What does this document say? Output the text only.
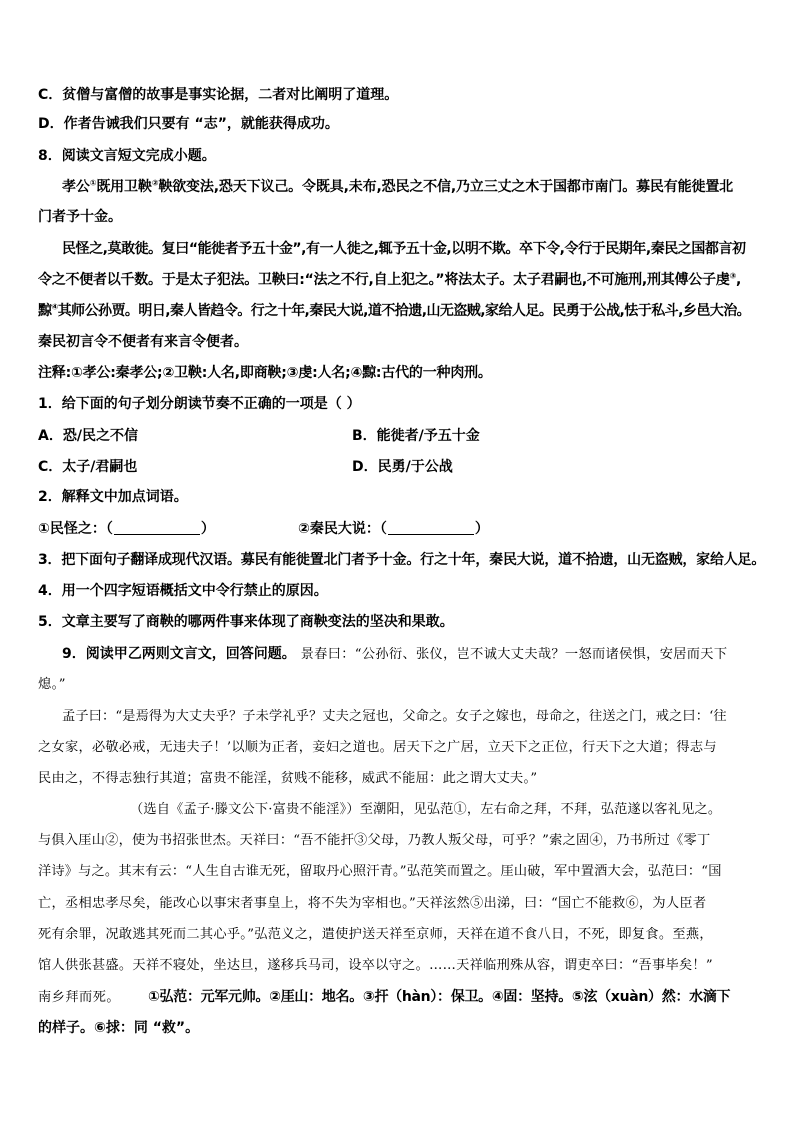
C．贫僧与富僧的故事是事实论据，二者对比阐明了道理。
D．作者告诫我们只要有 “志”，就能获得成功。
8．阅读文言短文完成小题。
孝公①既用卫鞅②鞅欲变法,恐天下议己。令既具,未布,恐民之不信,乃立三丈之木于国都市南门。募民有能徙置北
门者予十金。
民怪之,莫敢徙。复曰“能徙者予五十金”,有一人徙之,辄予五十金,以明不欺。卒下令,令行于民期年,秦民之国都言初
令之不便者以千数。于是太子犯法。卫鞅曰:“法之不行,自上犯之。”将法太子。太子君嗣也,不可施刑,刑其傅公子虔③,
黥④其师公孙贾。明日,秦人皆趋令。行之十年,秦民大说,道不拾遗,山无盗贼,家给人足。民勇于公战,怯于私斗,乡邑大治。
秦民初言令不便者有来言令便者。
注释:①孝公:秦孝公;②卫鞅:人名,即商鞅;③虔:人名;④黥:古代的一种肉刑。
1．给下面的句子划分朗读节奏不正确的一项是（ ）
A．恐/民之不信	B．能徙者/予五十金
C．太子/君嗣也	D．民勇/于公战
2．解释文中加点词语。
①民怪之：（	）	②秦民大说：（	）
3．把下面句子翻译成现代汉语。募民有能徙置北门者予十金。行之十年，秦民大说，道不拾遗，山无盗贼，家给人足。
4．用一个四字短语概括文中令行禁止的原因。
5．文章主要写了商鞅的哪两件事来体现了商鞅变法的坚决和果敢。
9．阅读甲乙两则文言文，回答问题。 景春曰：“公孙衍、张仪，岂不诚大丈夫哉？一怒而诸侯惧，安居而天下
熄。”
孟子曰：“是焉得为大丈夫乎？子未学礼乎？丈夫之冠也，父命之。女子之嫁也，母命之，往送之门，戒之曰：‘往
之女家，必敬必戒，无违夫子！’以顺为正者，妾妇之道也。居天下之广居，立天下之正位，行天下之大道；得志与
民由之，不得志独行其道；富贵不能淫，贫贱不能移，威武不能屈：此之谓大丈夫。”
（选自《孟子·滕文公下·富贵不能淫》）至潮阳，见弘范①，左右命之拜，不拜，弘范遂以客礼见之。
与俱入厓山②，使为书招张世杰。天祥曰：“吾不能扞③父母，乃教人叛父母，可乎？”索之固④，乃书所过《零丁
洋诗》与之。其末有云：“人生自古谁无死，留取丹心照汗青。”弘范笑而置之。厓山破，军中置酒大会，弘范曰：“国
亡，丞相忠孝尽矣，能改心以事宋者事皇上，将不失为宰相也。”天祥泫然⑤出涕，曰：“国亡不能救⑥，为人臣者
死有余罪，况敢逃其死而二其心乎。”弘范义之，遣使护送天祥至京师，天祥在道不食八日，不死，即复食。至燕，
馆人供张甚盛。天祥不寝处，坐达旦，遂移兵马司，设卒以守之。……天祥临刑殊从容，谓吏卒曰：“吾事毕矣！”
南乡拜而死。 ①弘范：元军元帅。②厓山：地名。③扞（hàn）：保卫。④固：坚持。⑤泫（xuàn）然：水滴下
的样子。⑥捄：同 “救”。
